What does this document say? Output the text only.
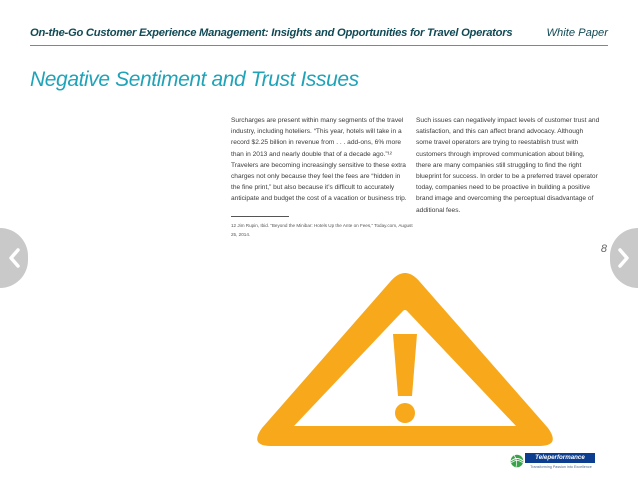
On-the-Go Customer Experience Management: Insights and Opportunities for Travel Operators	White Paper
Negative Sentiment and Trust Issues

Surcharges are present within many segments of the travel industry, including hoteliers. “This year, hotels will take in a record $2.25 billion in revenue from . . . add-ons, 6% more than in 2013 and nearly double that of a decade ago.”¹² Travelers are becoming increasingly sensitive to these extra charges not only because they feel the fees are “hidden in the fine print,” but also because it’s difficult to accurately anticipate and budget the cost of a vacation or business trip.

Such issues can negatively impact levels of customer trust and satisfaction, and this can affect brand advocacy. Although some travel operators are trying to reestablish trust with customers through improved communication about billing, there are many companies still struggling to find the right blueprint for success. In order to be a preferred travel operator today, companies need to be proactive in building a positive brand image and overcoming the perceptual disadvantage of additional fees.

12 Jim Rupin, Ibid. “Beyond the Minibar: Hotels Up the Ante on Fees,” Today.com, August 25, 2014.
8
Teleperformance
Transforming Passion into Excellence
